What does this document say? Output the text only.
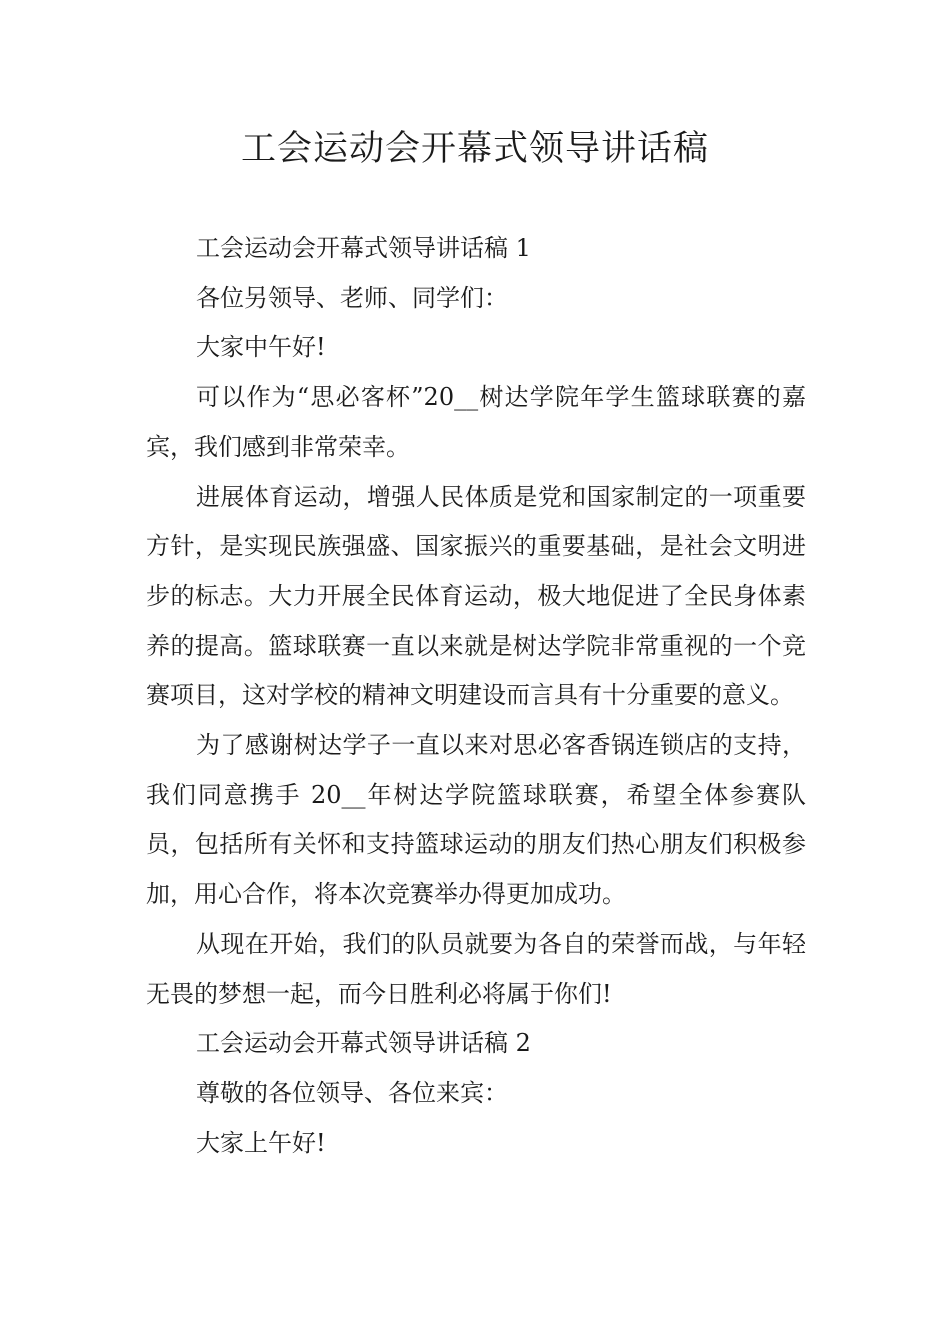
工会运动会开幕式领导讲话稿

工会运动会开幕式领导讲话稿 1

各位另领导、老师、同学们：

大家中午好!

可以作为“思必客杯”20__树达学院年学生篮球联赛的嘉宾，我们感到非常荣幸。

进展体育运动，增强人民体质是党和国家制定的一项重要方针，是实现民族强盛、国家振兴的重要基础，是社会文明进步的标志。大力开展全民体育运动，极大地促进了全民身体素养的提高。篮球联赛一直以来就是树达学院非常重视的一个竞赛项目，这对学校的精神文明建设而言具有十分重要的意义。

为了感谢树达学子一直以来对思必客香锅连锁店的支持，我们同意携手 20__年树达学院篮球联赛，希望全体参赛队员，包括所有关怀和支持篮球运动的朋友们热心朋友们积极参加，用心合作，将本次竞赛举办得更加成功。

从现在开始，我们的队员就要为各自的荣誉而战，与年轻无畏的梦想一起，而今日胜利必将属于你们!

工会运动会开幕式领导讲话稿 2

尊敬的各位领导、各位来宾：

大家上午好!
